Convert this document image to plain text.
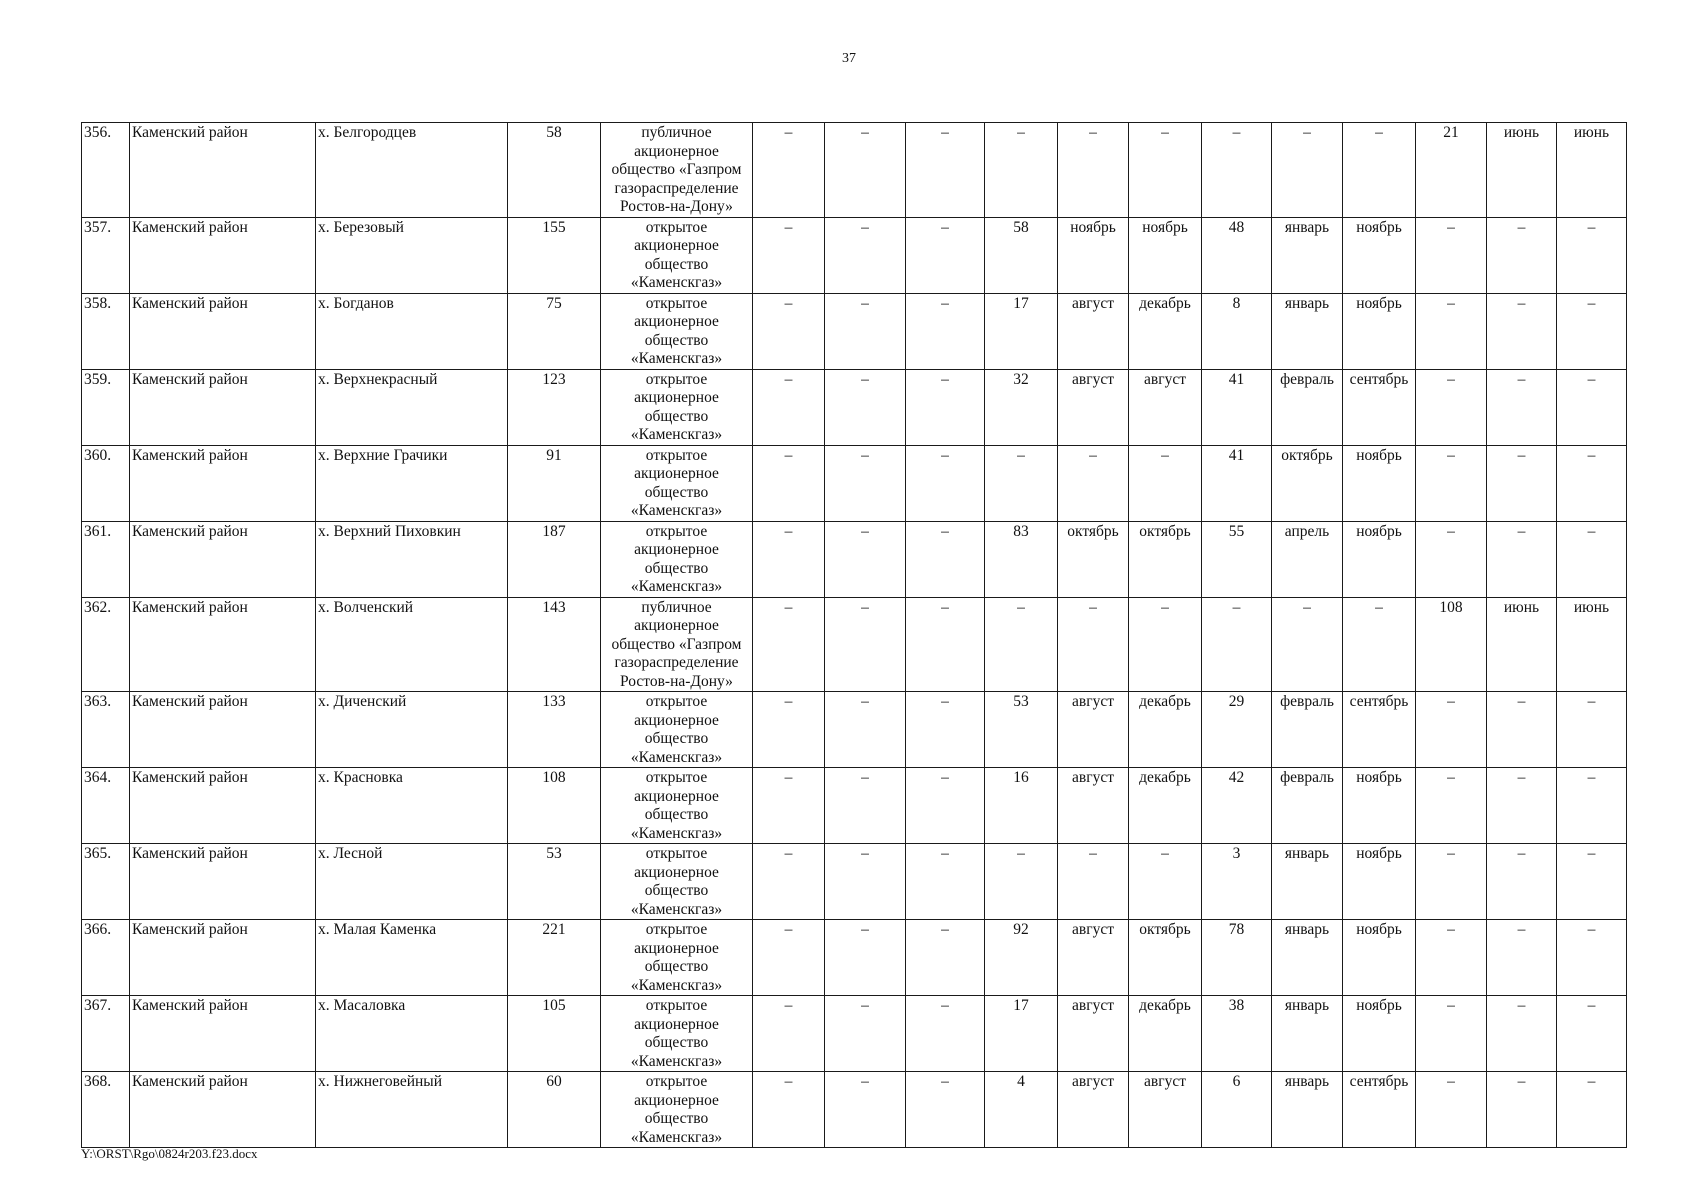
37
356.	Каменский район	х. Белгородцев	58	публичное акционерное общество «Газпром газораспределение Ростов-на-Дону»	–	–	–	–	–	–	–	–	–	21	июнь	июнь
357.	Каменский район	х. Березовый	155	открытое акционерное общество «Каменскгаз»	–	–	–	58	ноябрь	ноябрь	48	январь	ноябрь	–	–	–
358.	Каменский район	х. Богданов	75	открытое акционерное общество «Каменскгаз»	–	–	–	17	август	декабрь	8	январь	ноябрь	–	–	–
359.	Каменский район	х. Верхнекрасный	123	открытое акционерное общество «Каменскгаз»	–	–	–	32	август	август	41	февраль	сентябрь	–	–	–
360.	Каменский район	х. Верхние Грачики	91	открытое акционерное общество «Каменскгаз»	–	–	–	–	–	–	41	октябрь	ноябрь	–	–	–
361.	Каменский район	х. Верхний Пиховкин	187	открытое акционерное общество «Каменскгаз»	–	–	–	83	октябрь	октябрь	55	апрель	ноябрь	–	–	–
362.	Каменский район	х. Волченский	143	публичное акционерное общество «Газпром газораспределение Ростов-на-Дону»	–	–	–	–	–	–	–	–	–	108	июнь	июнь
363.	Каменский район	х. Диченский	133	открытое акционерное общество «Каменскгаз»	–	–	–	53	август	декабрь	29	февраль	сентябрь	–	–	–
364.	Каменский район	х. Красновка	108	открытое акционерное общество «Каменскгаз»	–	–	–	16	август	декабрь	42	февраль	ноябрь	–	–	–
365.	Каменский район	х. Лесной	53	открытое акционерное общество «Каменскгаз»	–	–	–	–	–	–	3	январь	ноябрь	–	–	–
366.	Каменский район	х. Малая Каменка	221	открытое акционерное общество «Каменскгаз»	–	–	–	92	август	октябрь	78	январь	ноябрь	–	–	–
367.	Каменский район	х. Масаловка	105	открытое акционерное общество «Каменскгаз»	–	–	–	17	август	декабрь	38	январь	ноябрь	–	–	–
368.	Каменский район	х. Нижнеговейный	60	открытое акционерное общество «Каменскгаз»	–	–	–	4	август	август	6	январь	сентябрь	–	–	–
Y:\ORST\Rgo\0824r203.f23.docx
